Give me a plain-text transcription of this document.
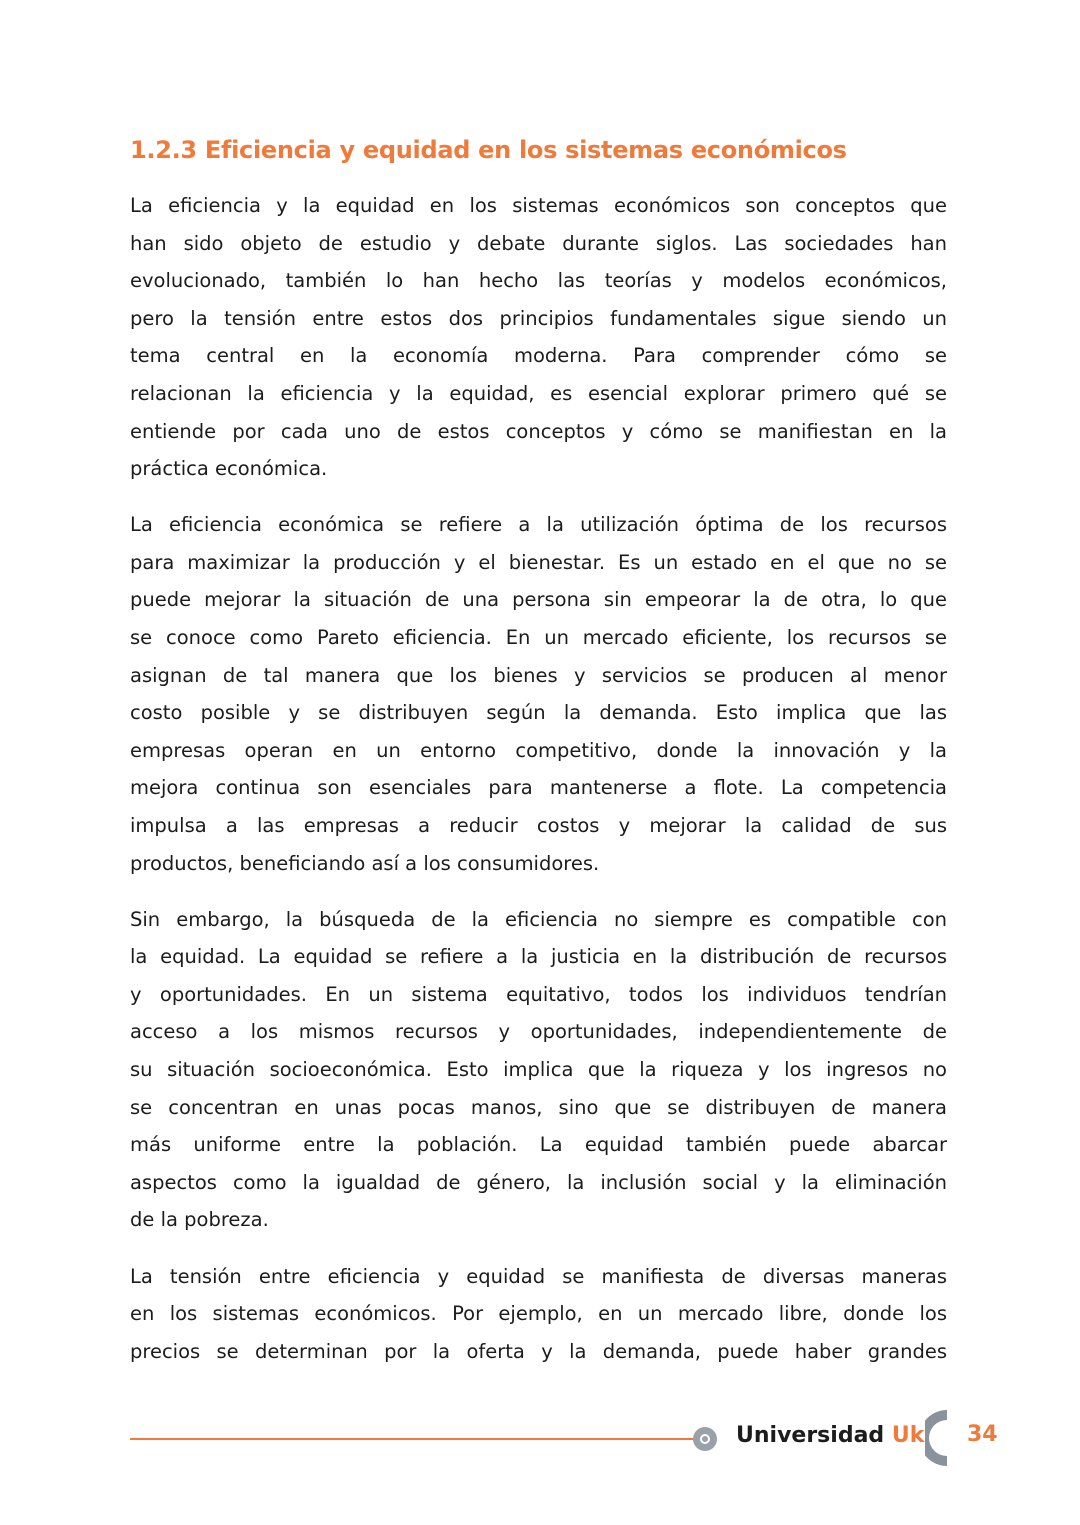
1.2.3 Eficiencia y equidad en los sistemas económicos

La eficiencia y la equidad en los sistemas económicos son conceptos que
han sido objeto de estudio y debate durante siglos. Las sociedades han
evolucionado, también lo han hecho las teorías y modelos económicos,
pero la tensión entre estos dos principios fundamentales sigue siendo un
tema central en la economía moderna. Para comprender cómo se
relacionan la eficiencia y la equidad, es esencial explorar primero qué se
entiende por cada uno de estos conceptos y cómo se manifiestan en la
práctica económica.

La eficiencia económica se refiere a la utilización óptima de los recursos
para maximizar la producción y el bienestar. Es un estado en el que no se
puede mejorar la situación de una persona sin empeorar la de otra, lo que
se conoce como Pareto eficiencia. En un mercado eficiente, los recursos se
asignan de tal manera que los bienes y servicios se producen al menor
costo posible y se distribuyen según la demanda. Esto implica que las
empresas operan en un entorno competitivo, donde la innovación y la
mejora continua son esenciales para mantenerse a flote. La competencia
impulsa a las empresas a reducir costos y mejorar la calidad de sus
productos, beneficiando así a los consumidores.

Sin embargo, la búsqueda de la eficiencia no siempre es compatible con
la equidad. La equidad se refiere a la justicia en la distribución de recursos
y oportunidades. En un sistema equitativo, todos los individuos tendrían
acceso a los mismos recursos y oportunidades, independientemente de
su situación socioeconómica. Esto implica que la riqueza y los ingresos no
se concentran en unas pocas manos, sino que se distribuyen de manera
más uniforme entre la población. La equidad también puede abarcar
aspectos como la igualdad de género, la inclusión social y la eliminación
de la pobreza.

La tensión entre eficiencia y equidad se manifiesta de diversas maneras
en los sistemas económicos. Por ejemplo, en un mercado libre, donde los
precios se determinan por la oferta y la demanda, puede haber grandes

Universidad Uk 34
